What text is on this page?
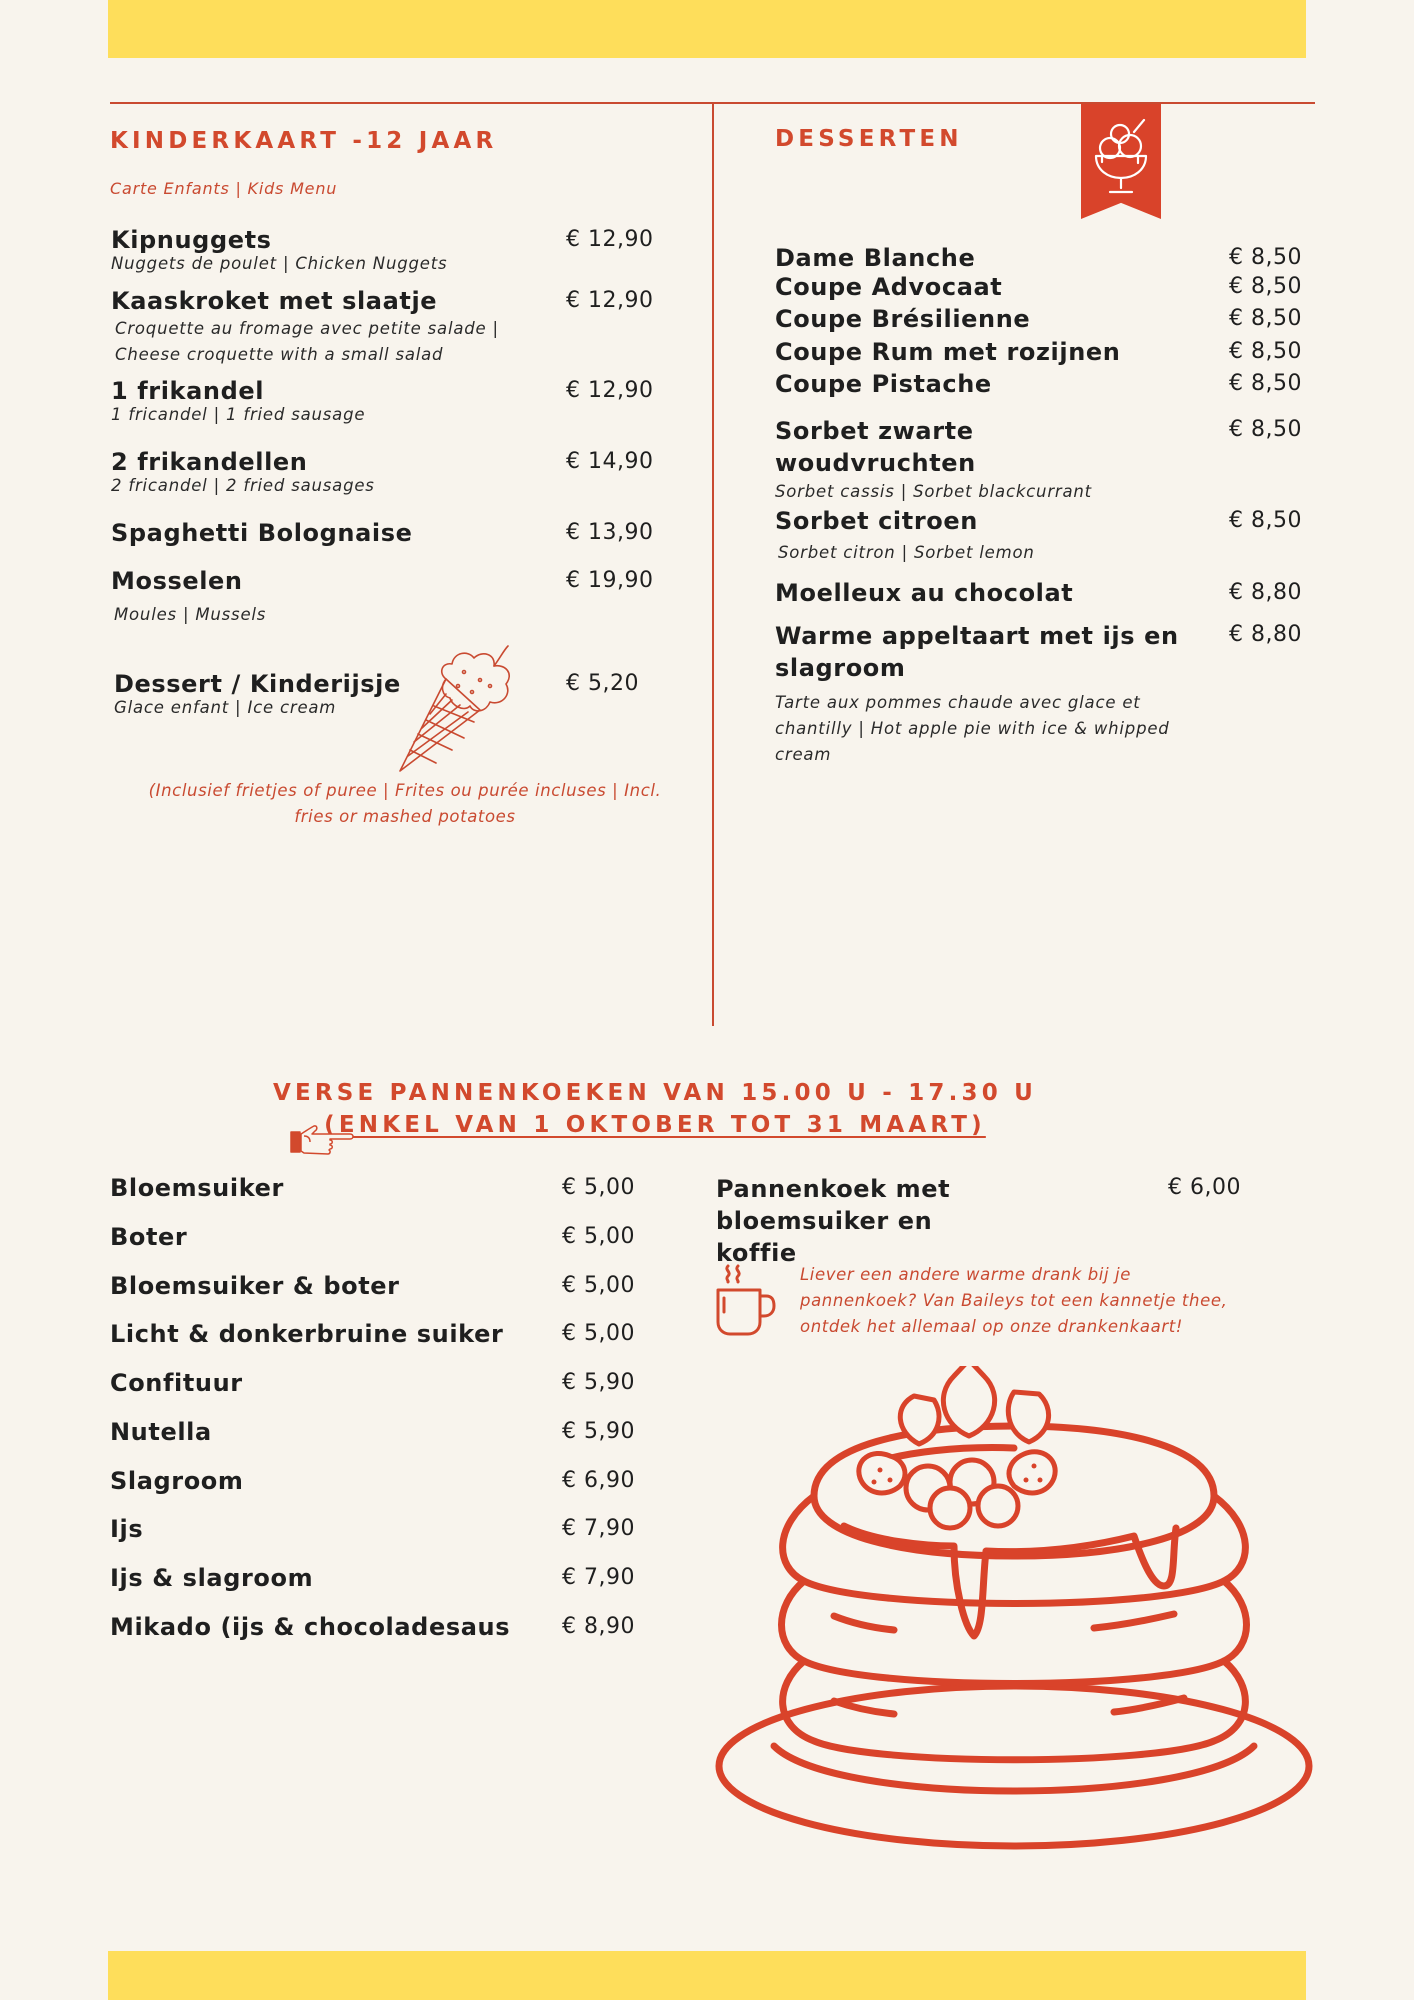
KINDERKAART -12 JAAR
Carte Enfants | Kids Menu
Kipnuggets
Nuggets de poulet | Chicken Nuggets
€ 12,90
Kaaskroket met slaatje
Croquette au fromage avec petite salade | Cheese croquette with a small salad
€ 12,90
1 frikandel
1 fricandel | 1 fried sausage
€ 12,90
2 frikandellen
2 fricandel | 2 fried sausages
€ 14,90
Spaghetti Bolognaise	€ 13,90
Mosselen
Moules | Mussels
€ 19,90
Dessert / Kinderijsje
Glace enfant | Ice cream
€ 5,20
(Inclusief frietjes of puree | Frites ou purée incluses | Incl. fries or mashed potatoes
DESSERTEN
Dame Blanche	€ 8,50
Coupe Advocaat	€ 8,50
Coupe Brésilienne	€ 8,50
Coupe Rum met rozijnen	€ 8,50
Coupe Pistache	€ 8,50
Sorbet zwarte woudvruchten
Sorbet cassis | Sorbet blackcurrant
€ 8,50
Sorbet citroen
Sorbet citron | Sorbet lemon
€ 8,50
Moelleux au chocolat	€ 8,80
Warme appeltaart met ijs en slagroom
Tarte aux pommes chaude avec glace et chantilly | Hot apple pie with ice & whipped cream
€ 8,80
VERSE PANNENKOEKEN VAN 15.00 U - 17.30 U
(ENKEL VAN 1 OKTOBER TOT 31 MAART)
Bloemsuiker	€ 5,00
Boter	€ 5,00
Bloemsuiker & boter	€ 5,00
Licht & donkerbruine suiker	€ 5,00
Confituur	€ 5,90
Nutella	€ 5,90
Slagroom	€ 6,90
Ijs	€ 7,90
Ijs & slagroom	€ 7,90
Mikado (ijs & chocoladesaus € 8,90
Pannenkoek met bloemsuiker en koffie
€ 6,00
Liever een andere warme drank bij je pannenkoek? Van Baileys tot een kannetje thee, ontdek het allemaal op onze drankenkaart!
